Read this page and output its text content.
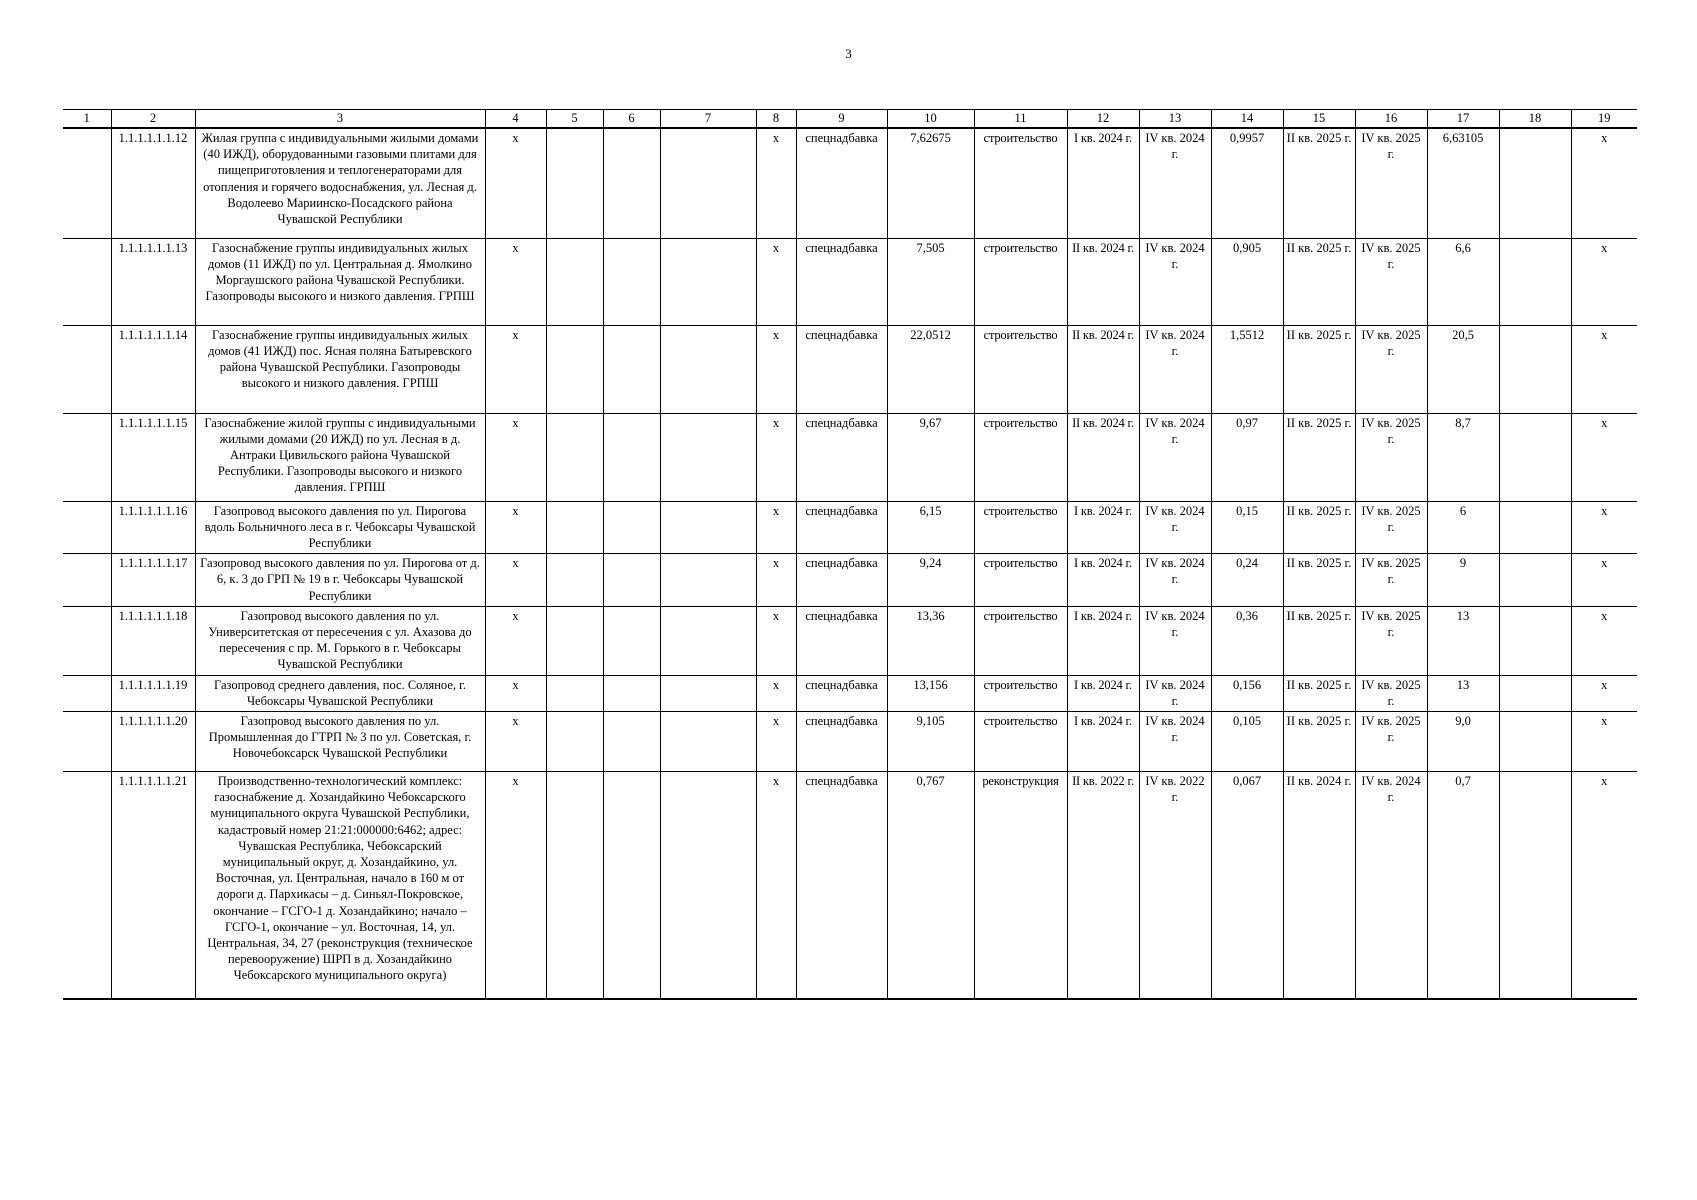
3
1	2	3	4	5	6	7	8	9	10	11	12	13	14	15	16	17	18	19
	1.1.1.1.1.1.12	Жилая группа с индивидуальными жилыми домами (40 ИЖД), оборудованными газовыми плитами для пищеприготовления и теплогенераторами для отопления и горячего водоснабжения, ул. Лесная д. Водолеево Мариинско-Посадского района Чувашской Республики	х				х	спецнадбавка	7,62675	строительство	I кв. 2024 г.	IV кв. 2024 г.	0,9957	II кв. 2025 г.	IV кв. 2025 г.	6,63105		х
	1.1.1.1.1.1.13	Газоснабжение группы индивидуальных жилых домов (11 ИЖД) по ул. Центральная д. Ямолкино Моргаушского района Чувашской Республики. Газопроводы высокого и низкого давления. ГРПШ	х				х	спецнадбавка	7,505	строительство	II кв. 2024 г.	IV кв. 2024 г.	0,905	II кв. 2025 г.	IV кв. 2025 г.	6,6		х
	1.1.1.1.1.1.14	Газоснабжение группы индивидуальных жилых домов (41 ИЖД) пос. Ясная поляна Батыревского района Чувашской Республики. Газопроводы высокого и низкого давления. ГРПШ	х				х	спецнадбавка	22,0512	строительство	II кв. 2024 г.	IV кв. 2024 г.	1,5512	II кв. 2025 г.	IV кв. 2025 г.	20,5		х
	1.1.1.1.1.1.15	Газоснабжение жилой группы с индивидуальными жилыми домами (20 ИЖД) по ул. Лесная в д. Антраки Цивильского района Чувашской Республики. Газопроводы высокого и низкого давления. ГРПШ	х				х	спецнадбавка	9,67	строительство	II кв. 2024 г.	IV кв. 2024 г.	0,97	II кв. 2025 г.	IV кв. 2025 г.	8,7		х
	1.1.1.1.1.1.16	Газопровод высокого давления по ул. Пирогова вдоль Больничного леса в г. Чебоксары Чувашской Республики	х				х	спецнадбавка	6,15	строительство	I кв. 2024 г.	IV кв. 2024 г.	0,15	II кв. 2025 г.	IV кв. 2025 г.	6		х
	1.1.1.1.1.1.17	Газопровод высокого давления по ул. Пирогова от д. 6, к. 3 до ГРП № 19 в г. Чебоксары Чувашской Республики	х				х	спецнадбавка	9,24	строительство	I кв. 2024 г.	IV кв. 2024 г.	0,24	II кв. 2025 г.	IV кв. 2025 г.	9		х
	1.1.1.1.1.1.18	Газопровод высокого давления по ул. Университетская от пересечения с ул. Ахазова до пересечения с пр. М. Горького в г. Чебоксары Чувашской Республики	х				х	спецнадбавка	13,36	строительство	I кв. 2024 г.	IV кв. 2024 г.	0,36	II кв. 2025 г.	IV кв. 2025 г.	13		х
	1.1.1.1.1.1.19	Газопровод среднего давления, пос. Соляное, г. Чебоксары Чувашской Республики	х				х	спецнадбавка	13,156	строительство	I кв. 2024 г.	IV кв. 2024 г.	0,156	II кв. 2025 г.	IV кв. 2025 г.	13		х
	1.1.1.1.1.1.20	Газопровод высокого давления по ул. Промышленная до ГТРП № 3 по ул. Советская, г. Новочебоксарск Чувашской Республики	х				х	спецнадбавка	9,105	строительство	I кв. 2024 г.	IV кв. 2024 г.	0,105	II кв. 2025 г.	IV кв. 2025 г.	9,0		х
	1.1.1.1.1.1.21	Производственно-технологический комплекс: газоснабжение д. Хозандайкино Чебоксарского муниципального округа Чувашской Республики, кадастровый номер 21:21:000000:6462; адрес: Чувашская Республика, Чебоксарский муниципальный округ, д. Хозандайкино, ул. Восточная, ул. Центральная, начало в 160 м от дороги д. Пархикасы – д. Синьял-Покровское, окончание – ГСГО-1 д. Хозандайкино; начало – ГСГО-1, окончание – ул. Восточная, 14, ул. Центральная, 34, 27 (реконструкция (техническое перевооружение) ШРП в д. Хозандайкино Чебоксарского муниципального округа)	х				х	спецнадбавка	0,767	реконструкция	II кв. 2022 г.	IV кв. 2022 г.	0,067	II кв. 2024 г.	IV кв. 2024 г.	0,7		х
